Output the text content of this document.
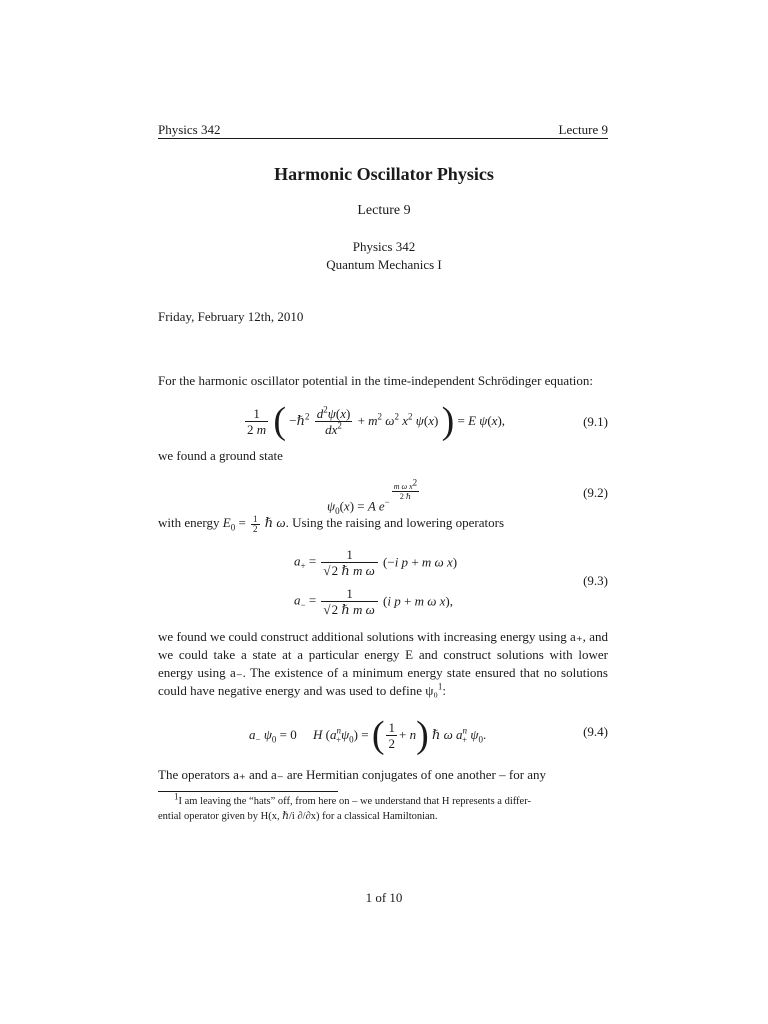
Physics 342	Lecture 9
Harmonic Oscillator Physics
Lecture 9
Physics 342
Quantum Mechanics I
Friday, February 12th, 2010
For the harmonic oscillator potential in the time-independent Schrödinger equation:
$\frac{1}{2 m}$ ( −ℏ$^2$ $\frac{d^2\psi(x)}{dx^2} + m^2$ $\omega^2$ $x^2$ ψ(x) ) = E ψ(x),	(9.1)
we found a ground state
$\psi_0(x) = A$ $e^{- \frac{m \omega x^2}{\text{2 ℏ}}}$	(9.2)
with energy $E_0 = \frac{1}{2}$ ℏ ω. Using the raising and lowering operators
$a_+ = \frac{1}{\text{√2 ℏ m ω}} (-i$ p + m ω x)
$a_- = \frac{1}{\text{√2 ℏ m ω}} (i$ p + m ω x),
(9.3)
we found we could construct additional solutions with increasing energy using a₊, and we could take a state at a particular energy E and construct solutions with lower energy using a₋. The existence of a minimum energy state ensured that no solutions could have negative energy and was used to define ψ₀$^1$:
$a_-$ $\psi_0 = 0$     H $(a^n_+\psi_0)$ = ( $\frac{1}{2} + n$) ℏ ω $a^n_+$ $\psi_0$.	(9.4)
The operators a₊ and a₋ are Hermitian conjugates of one another – for any
$^1$I am leaving the “hats” off, from here on – we understand that H represents a differ-
ential operator given by H(x, ℏ/i ∂/∂x) for a classical Hamiltonian.
1 of 10
